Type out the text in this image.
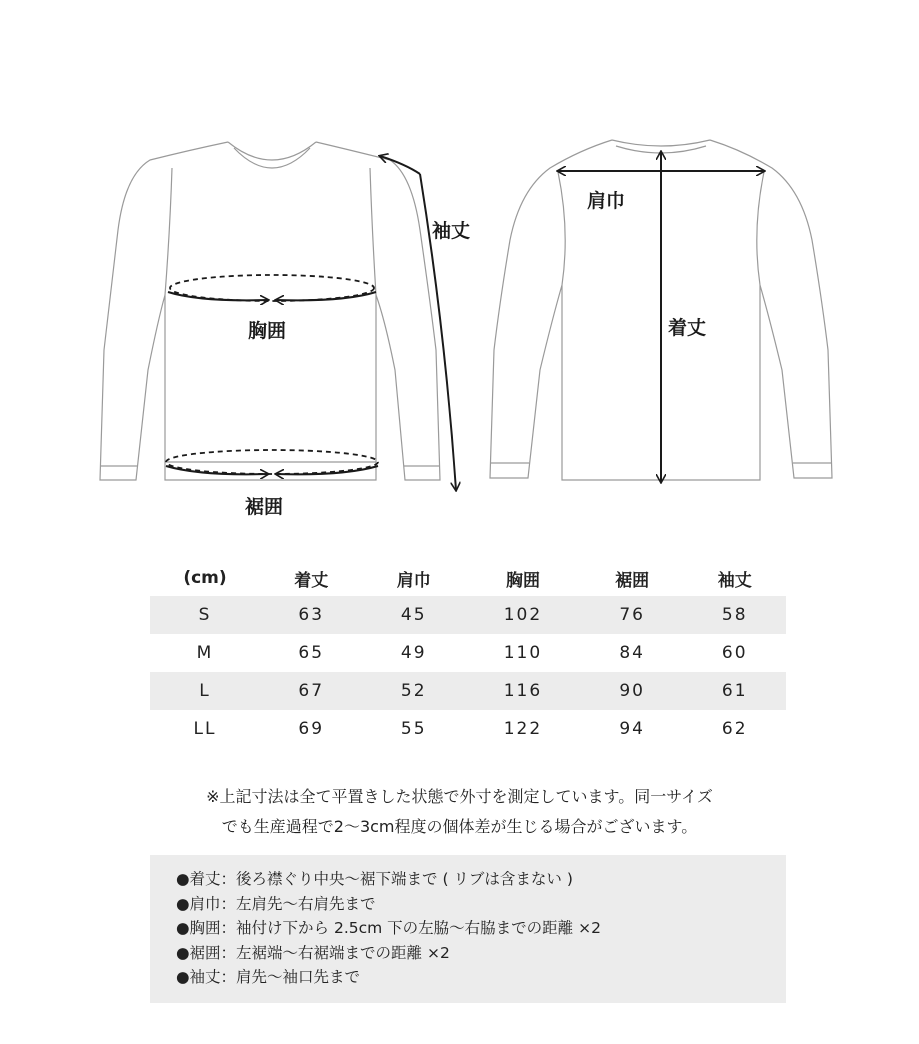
袖丈
胸囲
裾囲
肩巾
着丈
(cm)	着丈	肩巾	胸囲	裾囲	袖丈
S	63	45	102	76	58
M	65	49	110	84	60
L	67	52	116	90	61
LL	69	55	122	94	62
※上記寸法は全て平置きした状態で外寸を測定しています。同一サイズ
でも生産過程で2〜3cm程度の個体差が生じる場合がございます。
●着丈：後ろ襟ぐり中央〜裾下端まで ( リブは含まない )
●肩巾：左肩先〜右肩先まで
●胸囲：袖付け下から 2.5cm 下の左脇〜右脇までの距離 ×2
●裾囲：左裾端〜右裾端までの距離 ×2
●袖丈：肩先〜袖口先まで
